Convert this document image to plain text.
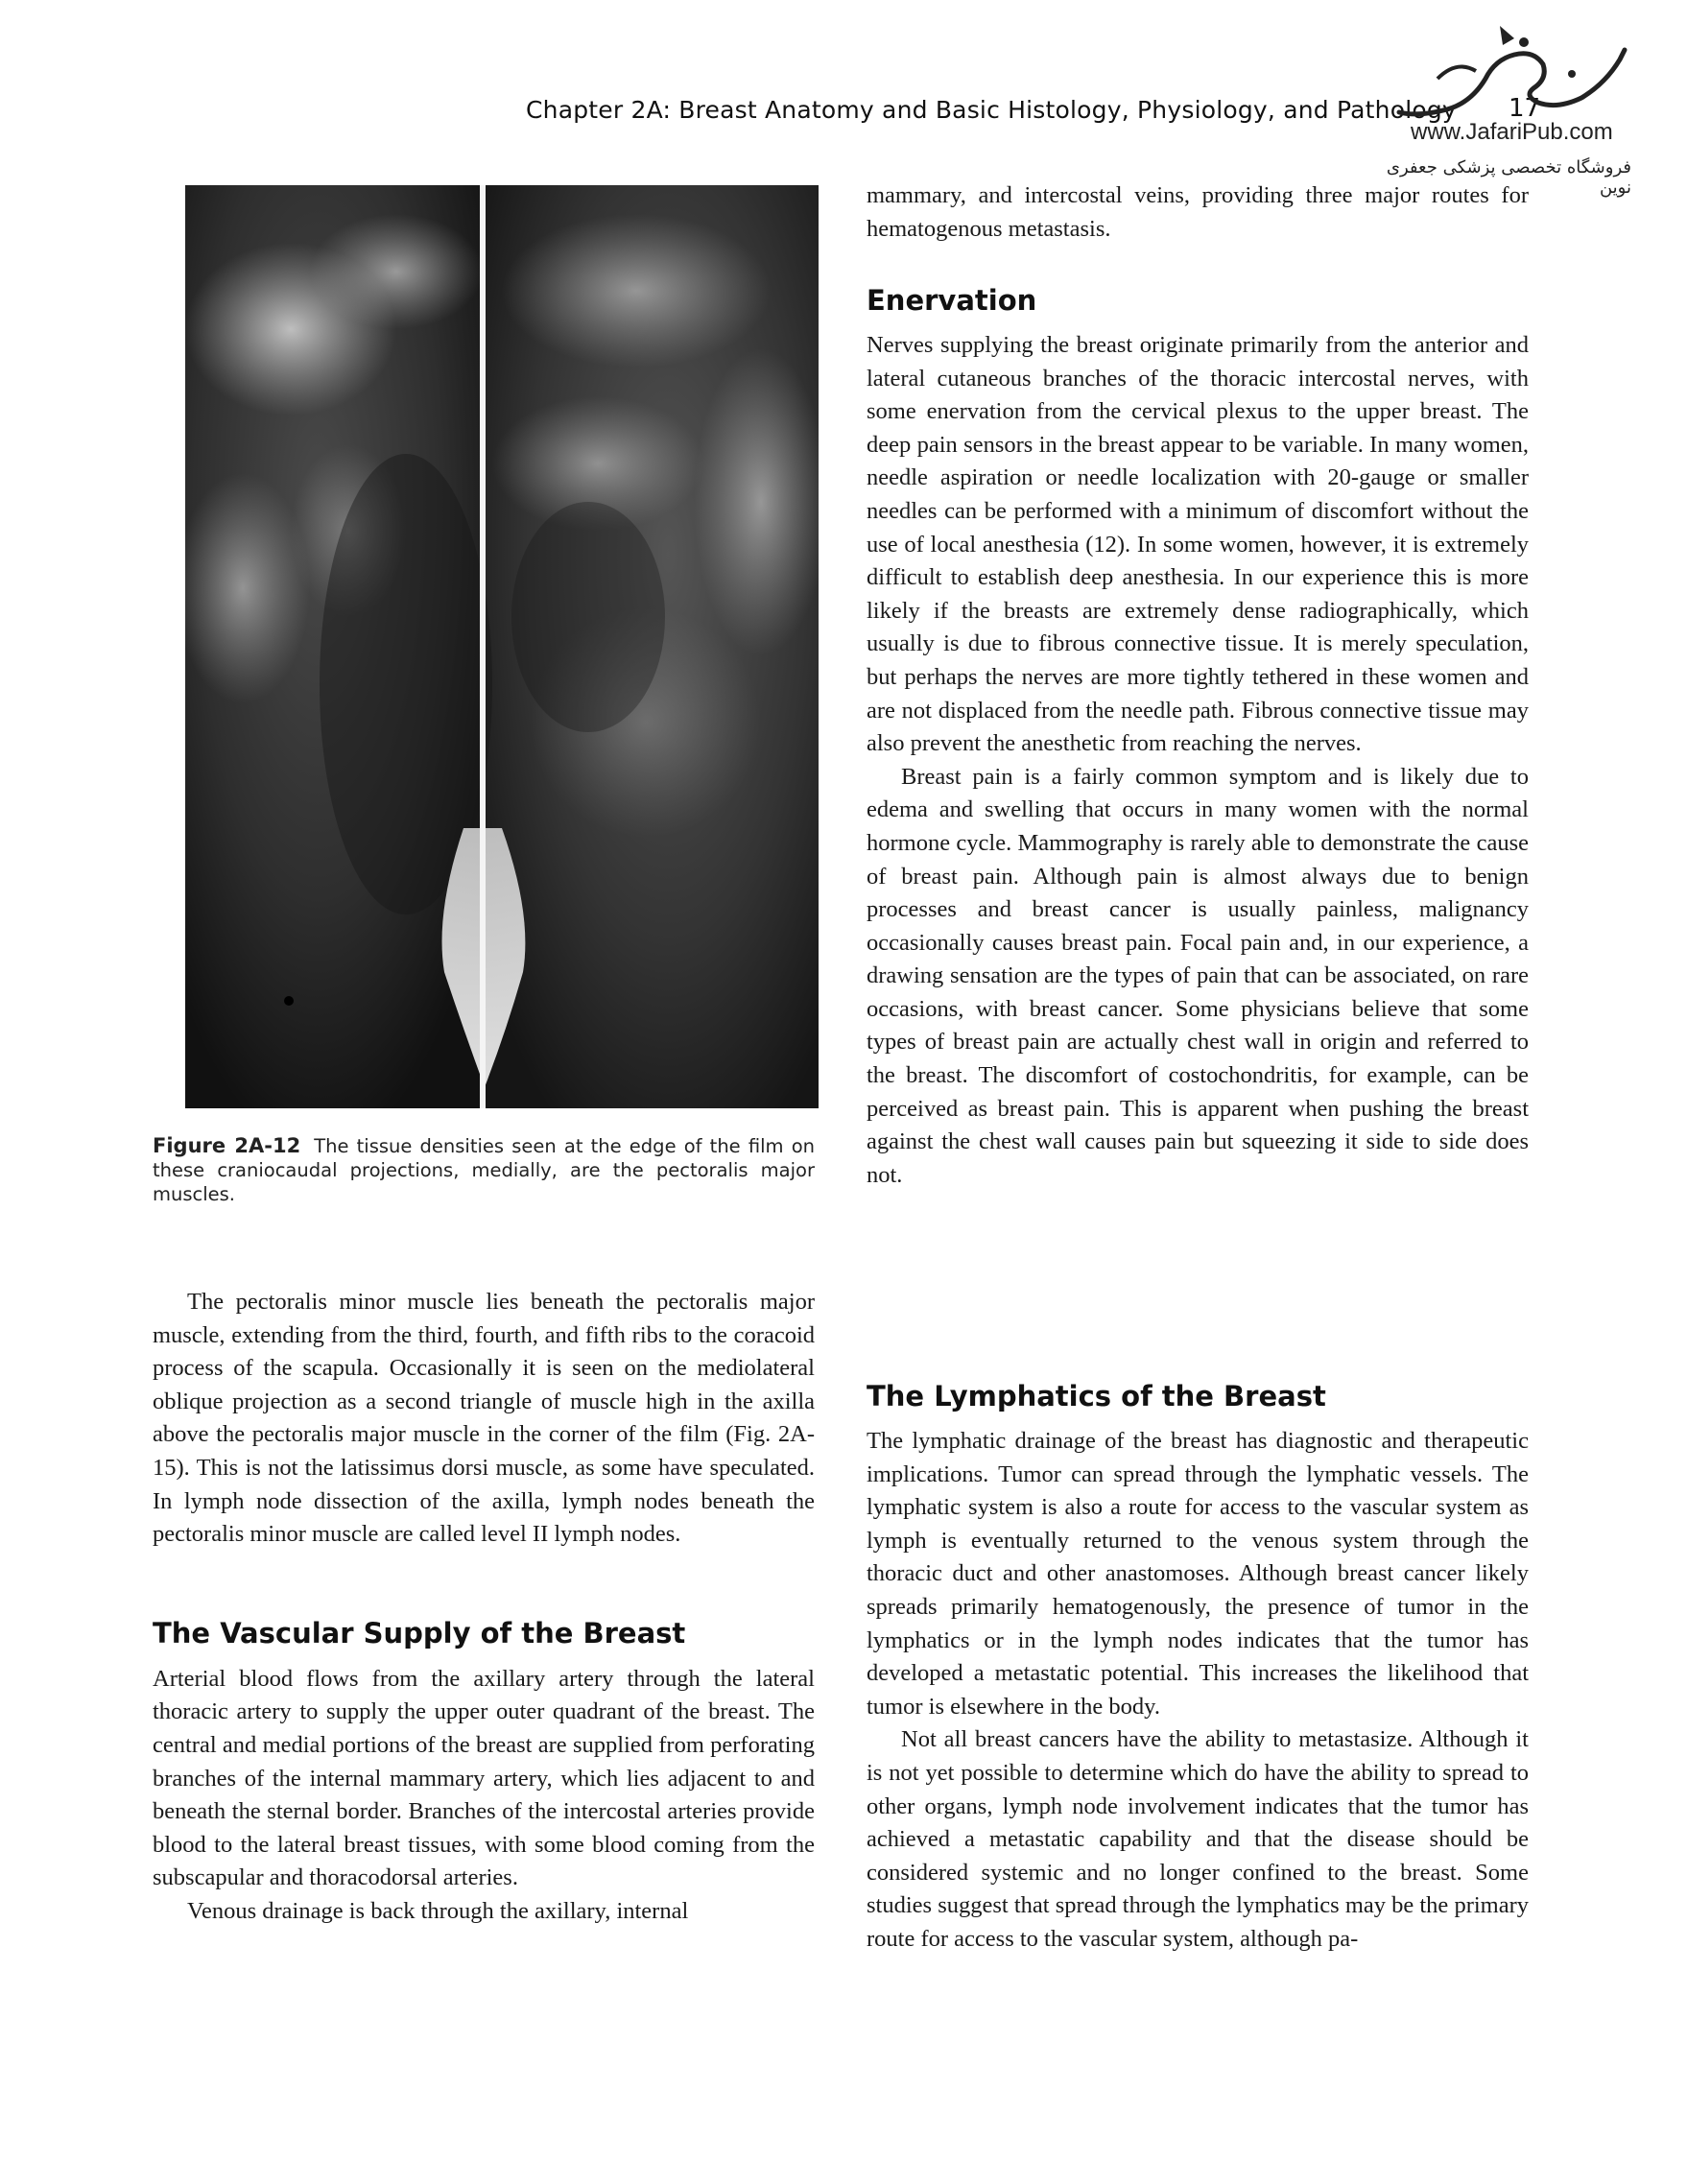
Chapter 2A: Breast Anatomy and Basic Histology, Physiology, and Pathology 17
www.JafariPub.com
فروشگاه تخصصی پزشکی جعفری نوین
Figure 2A-12 The tissue densities seen at the edge of the film on these craniocaudal projections, medially, are the pectoralis major muscles.

The pectoralis minor muscle lies beneath the pectoralis major muscle, extending from the third, fourth, and fifth ribs to the coracoid process of the scapula. Occasionally it is seen on the mediolateral oblique projection as a second triangle of muscle high in the axilla above the pectoralis major muscle in the corner of the film (Fig. 2A-15). This is not the latissimus dorsi muscle, as some have speculated. In lymph node dissection of the axilla, lymph nodes beneath the pectoralis minor muscle are called level II lymph nodes.

The Vascular Supply of the Breast

Arterial blood flows from the axillary artery through the lateral thoracic artery to supply the upper outer quadrant of the breast. The central and medial portions of the breast are supplied from perforating branches of the internal mammary artery, which lies adjacent to and beneath the sternal border. Branches of the intercostal arteries provide blood to the lateral breast tissues, with some blood coming from the subscapular and thoracodorsal arteries.

Venous drainage is back through the axillary, internal

mammary, and intercostal veins, providing three major routes for hematogenous metastasis.

Enervation

Nerves supplying the breast originate primarily from the anterior and lateral cutaneous branches of the thoracic intercostal nerves, with some enervation from the cervical plexus to the upper breast. The deep pain sensors in the breast appear to be variable. In many women, needle aspiration or needle localization with 20-gauge or smaller needles can be performed with a minimum of discomfort without the use of local anesthesia (12). In some women, however, it is extremely difficult to establish deep anesthesia. In our experience this is more likely if the breasts are extremely dense radiographically, which usually is due to fibrous connective tissue. It is merely speculation, but perhaps the nerves are more tightly tethered in these women and are not displaced from the needle path. Fibrous connective tissue may also prevent the anesthetic from reaching the nerves.

Breast pain is a fairly common symptom and is likely due to edema and swelling that occurs in many women with the normal hormone cycle. Mammography is rarely able to demonstrate the cause of breast pain. Although pain is almost always due to benign processes and breast cancer is usually painless, malignancy occasionally causes breast pain. Focal pain and, in our experience, a drawing sensation are the types of pain that can be associated, on rare occasions, with breast cancer. Some physicians believe that some types of breast pain are actually chest wall in origin and referred to the breast. The discomfort of costochondritis, for example, can be perceived as breast pain. This is apparent when pushing the breast against the chest wall causes pain but squeezing it side to side does not.

The Lymphatics of the Breast

The lymphatic drainage of the breast has diagnostic and therapeutic implications. Tumor can spread through the lymphatic vessels. The lymphatic system is also a route for access to the vascular system as lymph is eventually returned to the venous system through the thoracic duct and other anastomoses. Although breast cancer likely spreads primarily hematogenously, the presence of tumor in the lymphatics or in the lymph nodes indicates that the tumor has developed a metastatic potential. This increases the likelihood that tumor is elsewhere in the body.

Not all breast cancers have the ability to metastasize. Although it is not yet possible to determine which do have the ability to spread to other organs, lymph node involvement indicates that the tumor has achieved a metastatic capability and that the disease should be considered systemic and no longer confined to the breast. Some studies suggest that spread through the lymphatics may be the primary route for access to the vascular system, although pa-
